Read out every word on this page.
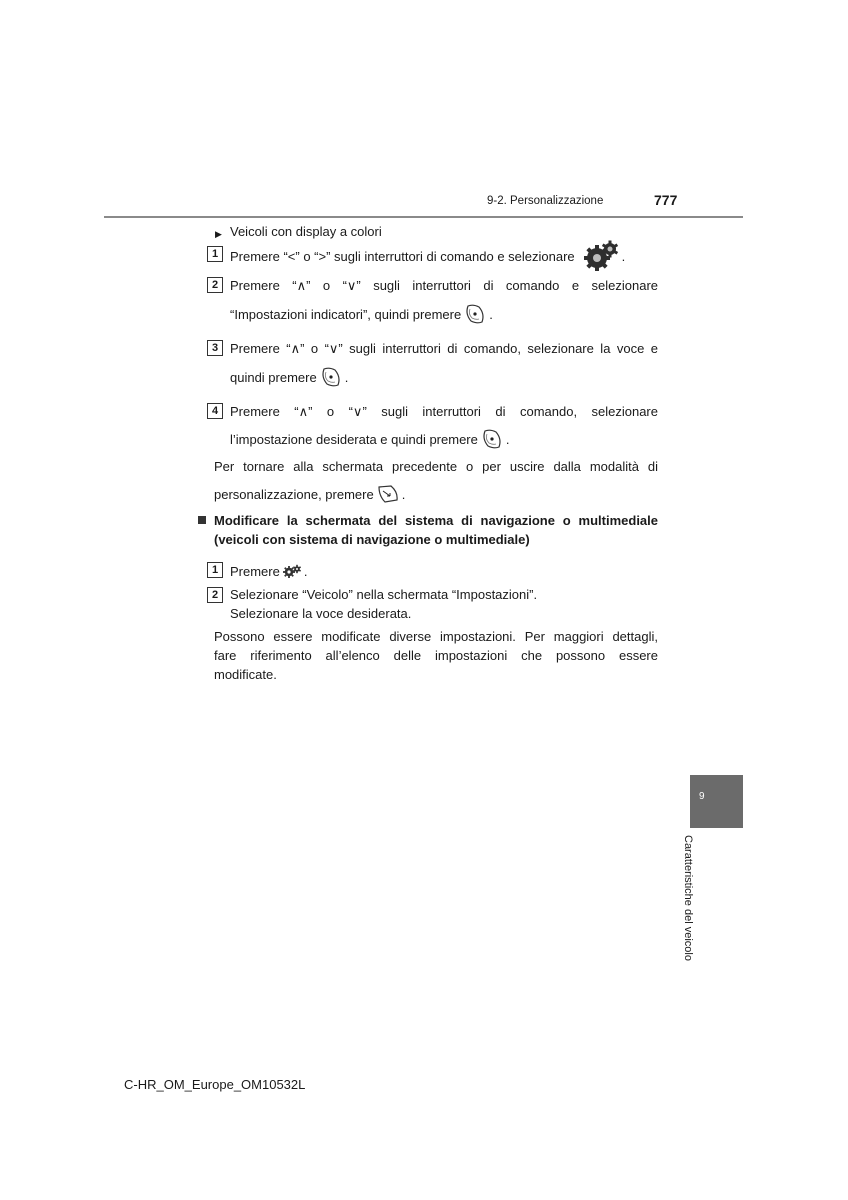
9-2. Personalizzazione	777
▶ Veicoli con display a colori
1 Premere “<” o “>” sugli interruttori di comando e selezionare	.
2 Premere “∧” o “∨” sugli interruttori di comando e selezionare
“Impostazioni indicatori”, quindi premere .
3 Premere “∧” o “∨” sugli interruttori di comando, selezionare la voce e
quindi premere .
4 Premere “∧” o “∨” sugli interruttori di comando, selezionare
l’impostazione desiderata e quindi premere .
Per tornare alla schermata precedente o per uscire dalla modalità di
personalizzazione, premere .
Modificare la schermata del sistema di navigazione o multimediale
(veicoli con sistema di navigazione o multimediale)
1 Premere .
2 Selezionare “Veicolo” nella schermata “Impostazioni”.
Selezionare la voce desiderata.
Possono essere modificate diverse impostazioni. Per maggiori dettagli,
fare riferimento all’elenco delle impostazioni che possono essere
modificate.
9
Caratteristiche del veicolo
C-HR_OM_Europe_OM10532L
